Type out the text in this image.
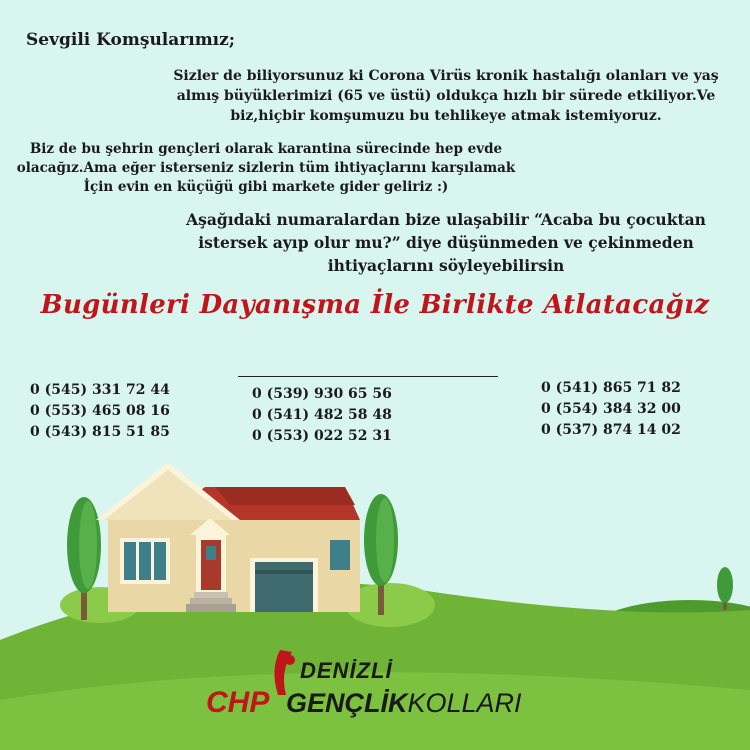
Sevgili Komşularımız;

Sizler de biliyorsunuz ki Corona Virüs kronik hastalığı olanları ve yaş almış büyüklerimizi (65 ve üstü) oldukça hızlı bir sürede etkiliyor.Ve biz,hiçbir komşumuzu bu tehlikeye atmak istemiyoruz.

Biz de bu şehrin gençleri olarak karantina sürecinde hep evde olacağız.Ama eğer isterseniz sizlerin tüm ihtiyaçlarını karşılamak İçin evin en küçüğü gibi markete gider geliriz :)

Aşağıdaki numaralardan bize ulaşabilir “Acaba bu çocuktan istersek ayıp olur mu?” diye düşünmeden ve çekinmeden ihtiyaçlarını söyleyebilirsin

Bugünleri Dayanışma İle Birlikte Atlatacağız

0 (545) 331 72 44
0 (553) 465 08 16
0 (543) 815 51 85
0 (539) 930 65 56
0 (541) 482 58 48
0 (553) 022 52 31
0 (541) 865 71 82
0 (554) 384 32 00
0 (537) 874 14 02
CHP
DENİZLİ
GENÇLİKKOLLARI
